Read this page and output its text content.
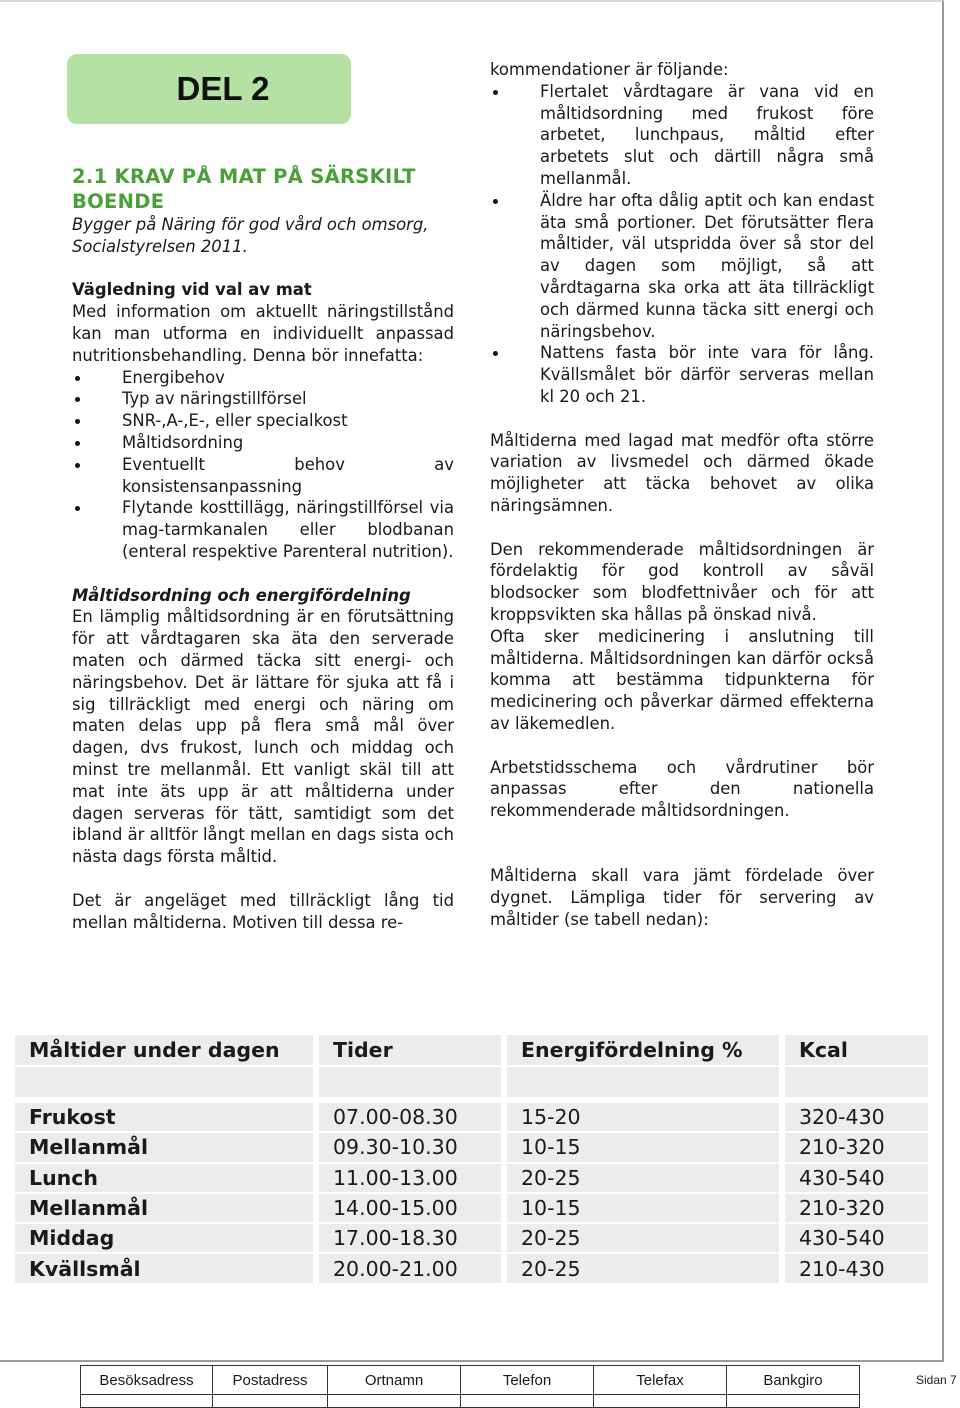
DEL 2

2.1 KRAV PÅ MAT PÅ SÄRSKILT BOENDE

Bygger på Näring för god vård och omsorg, Socialstyrelsen 2011.

Vägledning vid val av mat

Med information om aktuellt näringstillstånd kan man utforma en individuellt anpassad nutritionsbehandling. Denna bör innefatta:

Energibehov
Typ av näringstillförsel
SNR-,A-,E-, eller specialkost
Måltidsordning
Eventuellt behov av konsistensanpassning
Flytande kosttillägg, näringstillförsel via mag-tarmkanalen eller blodbanan (enteral respektive Parenteral nutrition).

Måltidsordning och energifördelning

En lämplig måltidsordning är en förutsättning för att vårdtagaren ska äta den serverade maten och därmed täcka sitt energi- och näringsbehov. Det är lättare för sjuka att få i sig tillräckligt med energi och näring om maten delas upp på flera små mål över dagen, dvs frukost, lunch och middag och minst tre mellanmål. Ett vanligt skäl till att mat inte äts upp är att måltiderna under dagen serveras för tätt, samtidigt som det ibland är alltför långt mellan en dags sista och nästa dags första måltid.

Det är angeläget med tillräckligt lång tid mellan måltiderna. Motiven till dessa re-

kommendationer är följande:

Flertalet vårdtagare är vana vid en måltidsordning med frukost före arbetet, lunchpaus, måltid efter arbetets slut och därtill några små mellanmål.
Äldre har ofta dålig aptit och kan endast äta små portioner. Det förutsätter flera måltider, väl utspridda över så stor del av dagen som möjligt, så att vårdtagarna ska orka att äta tillräckligt och därmed kunna täcka sitt energi och näringsbehov.
Nattens fasta bör inte vara för lång. Kvällsmålet bör därför serveras mellan kl 20 och 21.

Måltiderna med lagad mat medför ofta större variation av livsmedel och därmed ökade möjligheter att täcka behovet av olika näringsämnen.

Den rekommenderade måltidsordningen är fördelaktig för god kontroll av såväl blodsocker som blodfettnivåer och för att kroppsvikten ska hållas på önskad nivå.

Ofta sker medicinering i anslutning till måltiderna. Måltidsordningen kan därför också komma att bestämma tidpunkterna för medicinering och påverkar därmed effekterna av läkemedlen.

Arbetstidsschema och vårdrutiner bör anpassas efter den nationella rekommenderade måltidsordningen.

Måltiderna skall vara jämt fördelade över dygnet. Lämpliga tider för servering av måltider (se tabell nedan):

Måltider under dagen	Tider	Energifördelning %	Kcal

Frukost	07.00-08.30	15-20	320-430
Mellanmål	09.30-10.30	10-15	210-320
Lunch	11.00-13.00	20-25	430-540
Mellanmål	14.00-15.00	10-15	210-320
Middag	17.00-18.30	20-25	430-540
Kvällsmål	20.00-21.00	20-25	210-430
Besöksadress	Postadress	Ortnamn	Telefon	Telefax	Bankgiro
						Sidan 7
